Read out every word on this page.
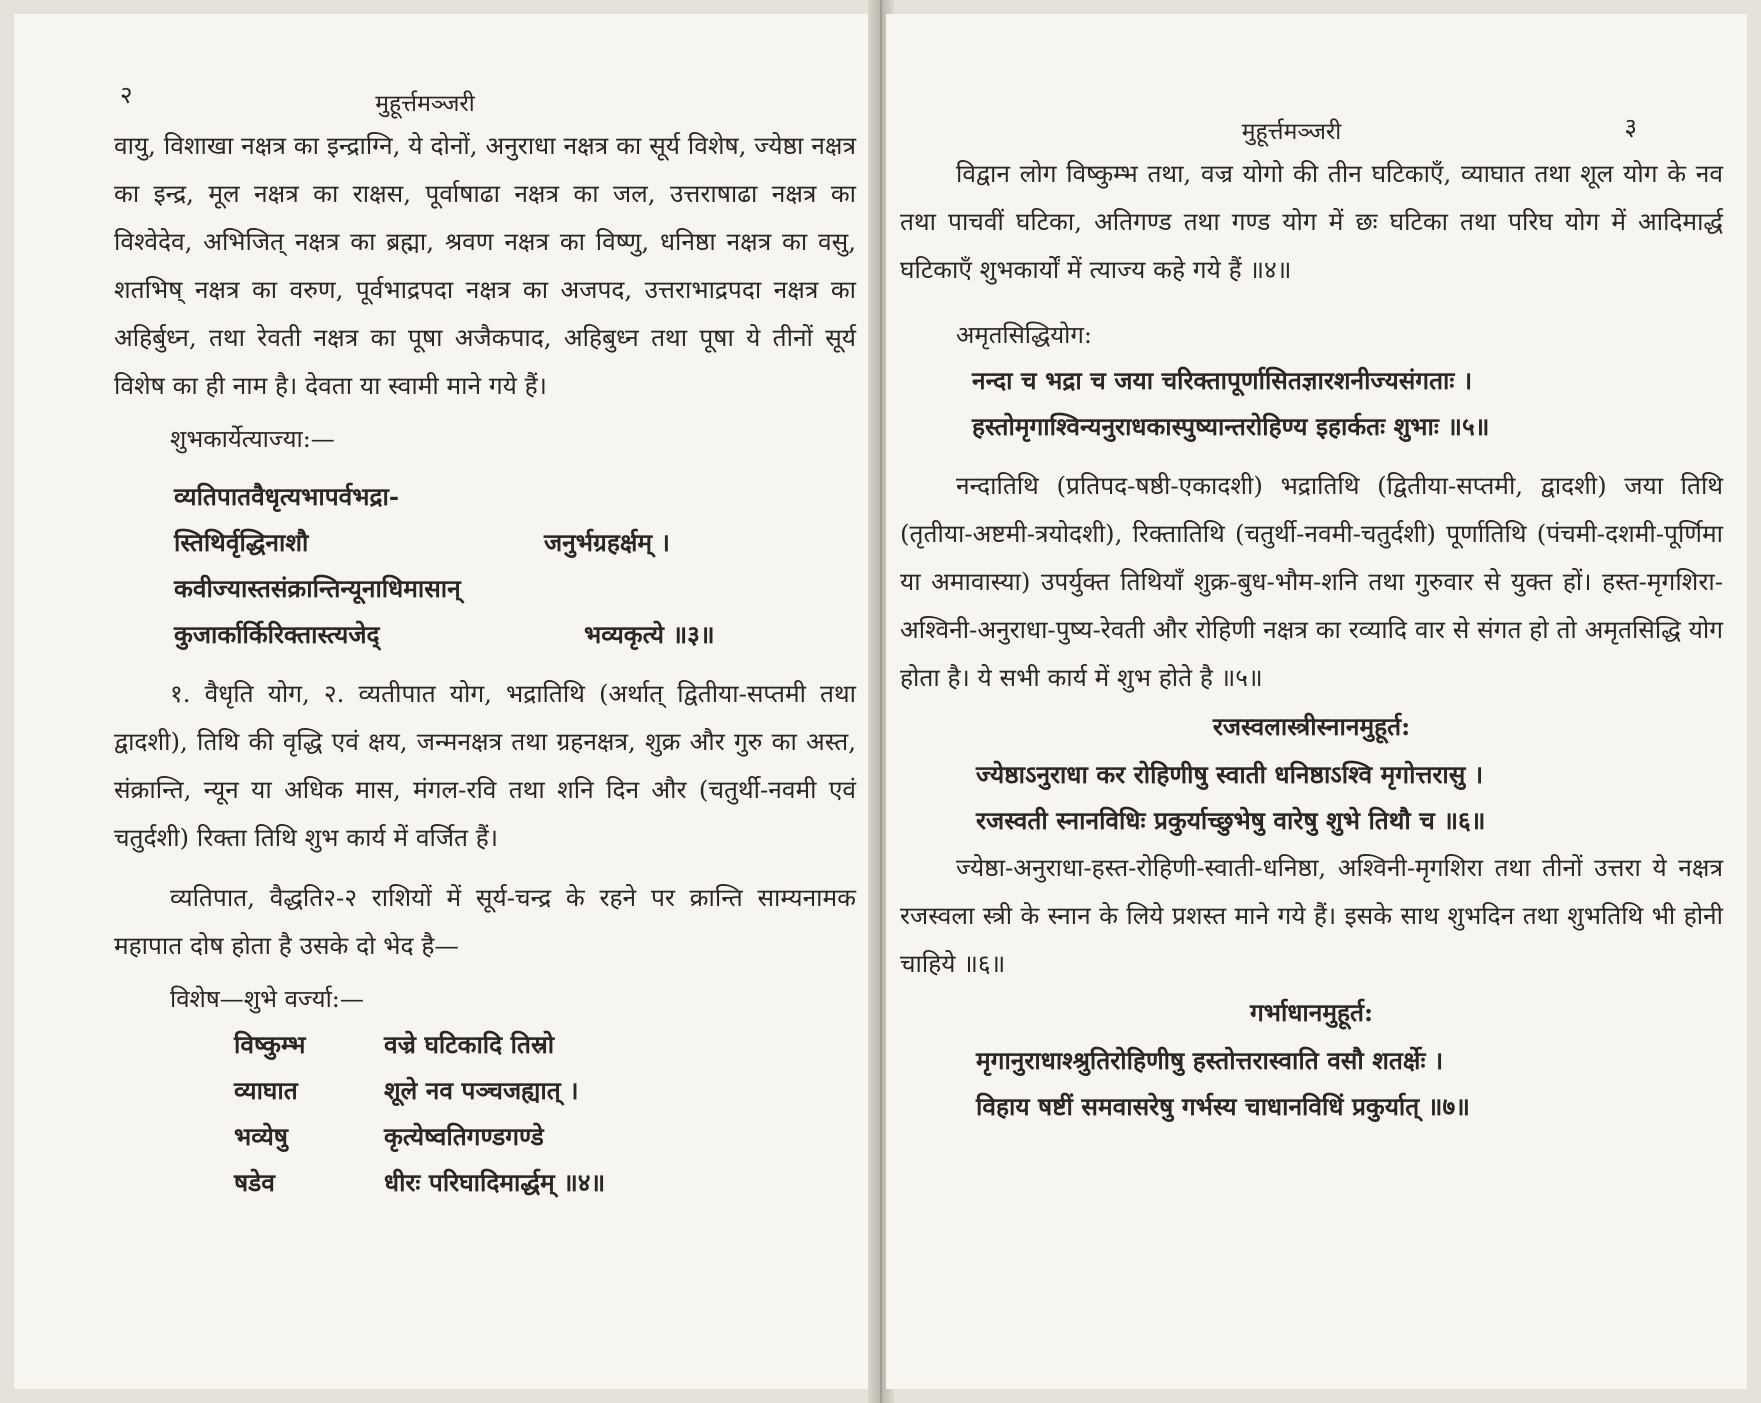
२	मुहूर्त्तमञ्जरी

वायु, विशाखा नक्षत्र का इन्द्राग्नि, ये दोनों, अनुराधा नक्षत्र का सूर्य विशेष, ज्येष्ठा नक्षत्र का इन्द्र, मूल नक्षत्र का राक्षस, पूर्वाषाढा नक्षत्र का जल, उत्तराषाढा नक्षत्र का विश्वेदेव, अभिजित् नक्षत्र का ब्रह्मा, श्रवण नक्षत्र का विष्णु, धनिष्ठा नक्षत्र का वसु, शतभिष् नक्षत्र का वरुण, पूर्वभाद्रपदा नक्षत्र का अजपद, उत्तराभाद्रपदा नक्षत्र का अहिर्बुध्न, तथा रेवती नक्षत्र का पूषा अजैकपाद, अहिबुध्न तथा पूषा ये तीनों सूर्य विशेष का ही नाम है। देवता या स्वामी माने गये हैं।

शुभकार्येत्याज्या:—

व्यतिपातवैधृत्यभापर्वभद्रा-
स्तिथिर्वृद्धिनाशौ	जनुर्भग्रहर्क्षम् ।
कवीज्यास्तसंक्रान्तिन्यूनाधिमासान्
कुजार्कार्किरिक्तास्त्यजेद्	भव्यकृत्ये ॥३॥

१. वैधृति योग, २. व्यतीपात योग, भद्रातिथि (अर्थात् द्वितीया-सप्तमी तथा द्वादशी), तिथि की वृद्धि एवं क्षय, जन्मनक्षत्र तथा ग्रहनक्षत्र, शुक्र और गुरु का अस्त, संक्रान्ति, न्यून या अधिक मास, मंगल-रवि तथा शनि दिन और (चतुर्थी-नवमी एवं चतुर्दशी) रिक्ता तिथि शुभ कार्य में वर्जित हैं।

व्यतिपात, वैद्धति२-२ राशियों में सूर्य-चन्द्र के रहने पर क्रान्ति साम्यनामक महापात दोष होता है उसके दो भेद है—

विशेष—शुभे वर्ज्या:—

विष्कुम्भ	वज्रे घटिकादि तिस्रो
व्याघात	शूले नव पञ्चजह्यात् ।
भव्येषु	कृत्येष्वतिगण्डगण्डे
षडेव	धीरः परिघादिमार्द्धम् ॥४॥
३
मुहूर्त्तमञ्जरी

विद्वान लोग विष्कुम्भ तथा, वज्र योगो की तीन घटिकाएँ, व्याघात तथा शूल योग के नव तथा पाचवीं घटिका, अतिगण्ड तथा गण्ड योग में छः घटिका तथा परिघ योग में आदिमार्द्ध घटिकाएँ शुभकार्यों में त्याज्य कहे गये हैं ॥४॥

अमृतसिद्धियोग:

नन्दा च भद्रा च जया चरिक्तापूर्णासितज्ञारशनीज्यसंगताः ।
हस्तोमृगाश्विन्यनुराधकास्पुष्यान्तरोहिण्य इहार्कतः शुभाः ॥५॥

नन्दातिथि (प्रतिपद-षष्ठी-एकादशी) भद्रातिथि (द्वितीया-सप्तमी, द्वादशी) जया तिथि (तृतीया-अष्टमी-त्रयोदशी), रिक्तातिथि (चतुर्थी-नवमी-चतुर्दशी) पूर्णातिथि (पंचमी-दशमी-पूर्णिमा या अमावास्या) उपर्युक्त तिथियाँ शुक्र-बुध-भौम-शनि तथा गुरुवार से युक्त हों। हस्त-मृगशिरा-अश्विनी-अनुराधा-पुष्य-रेवती और रोहिणी नक्षत्र का रव्यादि वार से संगत हो तो अमृतसिद्धि योग होता है। ये सभी कार्य में शुभ होते है ॥५॥

रजस्वलास्त्रीस्नानमुहूर्त:
ज्येष्ठाऽनुराधा कर रोहिणीषु स्वाती धनिष्ठाऽश्वि मृगोत्तरासु ।
रजस्वती स्नानविधिः प्रकुर्याच्छुभेषु वारेषु शुभे तिथौ च ॥६॥

ज्येष्ठा-अनुराधा-हस्त-रोहिणी-स्वाती-धनिष्ठा, अश्विनी-मृगशिरा तथा तीनों उत्तरा ये नक्षत्र रजस्वला स्त्री के स्नान के लिये प्रशस्त माने गये हैं। इसके साथ शुभदिन तथा शुभतिथि भी होनी चाहिये ॥६॥

गर्भाधानमुहूर्त:
मृगानुराधाश्श्रुतिरोहिणीषु हस्तोत्तरास्वाति वसौ शतर्क्षेः ।
विहाय षष्टीं समवासरेषु गर्भस्य चाधानविधिं प्रकुर्यात् ॥७॥
